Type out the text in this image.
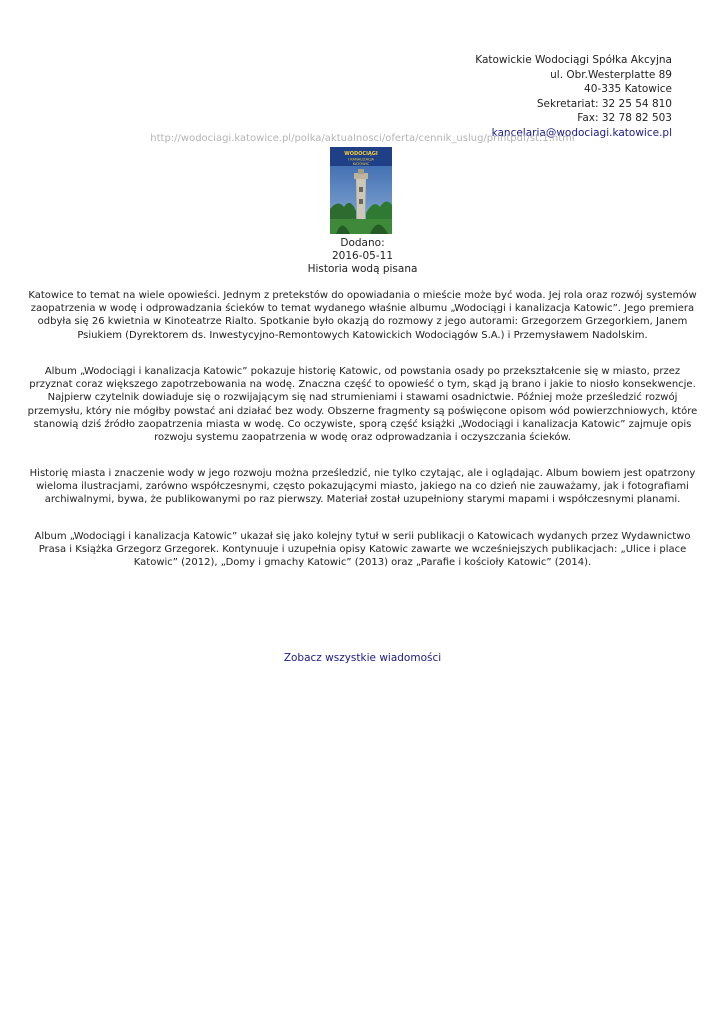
Katowickie Wodociągi Spółka Akcyjna
ul. Obr.Westerplatte 89
40-335 Katowice
Sekretariat: 32 25 54 810
Fax: 32 78 82 503
kancelaria@wodociagi.katowice.pl
http://wodociagi.katowice.pl/polka/aktualnosci/oferta/cennik_uslug/printpdf/st:1.html
WODOCIĄGI
I KANALIZACJA
KATOWIC
Dodano:
2016-05-11
Historia wodą pisana
Katowice to temat na wiele opowieści. Jednym z pretekstów do opowiadania o mieście może być woda. Jej rola oraz rozwój systemów zaopatrzenia w wodę i odprowadzania ścieków to temat wydanego właśnie albumu „Wodociągi i kanalizacja Katowic”. Jego premiera odbyła się 26 kwietnia w Kinoteatrze Rialto. Spotkanie było okazją do rozmowy z jego autorami: Grzegorzem Grzegorkiem, Janem Psiukiem (Dyrektorem ds. Inwestycyjno-Remontowych Katowickich Wodociągów S.A.) i Przemysławem Nadolskim.
Album „Wodociągi i kanalizacja Katowic” pokazuje historię Katowic, od powstania osady po przekształcenie się w miasto, przez przyznat coraz większego zapotrzebowania na wodę. Znaczna część to opowieść o tym, skąd ją brano i jakie to niosło konsekwencje. Najpierw czytelnik dowiaduje się o rozwijającym się nad strumieniami i stawami osadnictwie. Później może prześledzić rozwój przemysłu, który nie mógłby powstać ani działać bez wody. Obszerne fragmenty są poświęcone opisom wód powierzchniowych, które stanowią dziś źródło zaopatrzenia miasta w wodę. Co oczywiste, sporą część książki „Wodociągi i kanalizacja Katowic” zajmuje opis rozwoju systemu zaopatrzenia w wodę oraz odprowadzania i oczyszczania ścieków.
Historię miasta i znaczenie wody w jego rozwoju można prześledzić, nie tylko czytając, ale i oglądając. Album bowiem jest opatrzony wieloma ilustracjami, zarówno współczesnymi, często pokazującymi miasto, jakiego na co dzień nie zauważamy, jak i fotografiami archiwalnymi, bywa, że publikowanymi po raz pierwszy. Materiał został uzupełniony starymi mapami i współczesnymi planami.
Album „Wodociągi i kanalizacja Katowic” ukazał się jako kolejny tytuł w serii publikacji o Katowicach wydanych przez Wydawnictwo Prasa i Książka Grzegorz Grzegorek. Kontynuuje i uzupełnia opisy Katowic zawarte we wcześniejszych publikacjach: „Ulice i place Katowic” (2012), „Domy i gmachy Katowic” (2013) oraz „Parafie i kościoły Katowic” (2014).
Zobacz wszystkie wiadomości
